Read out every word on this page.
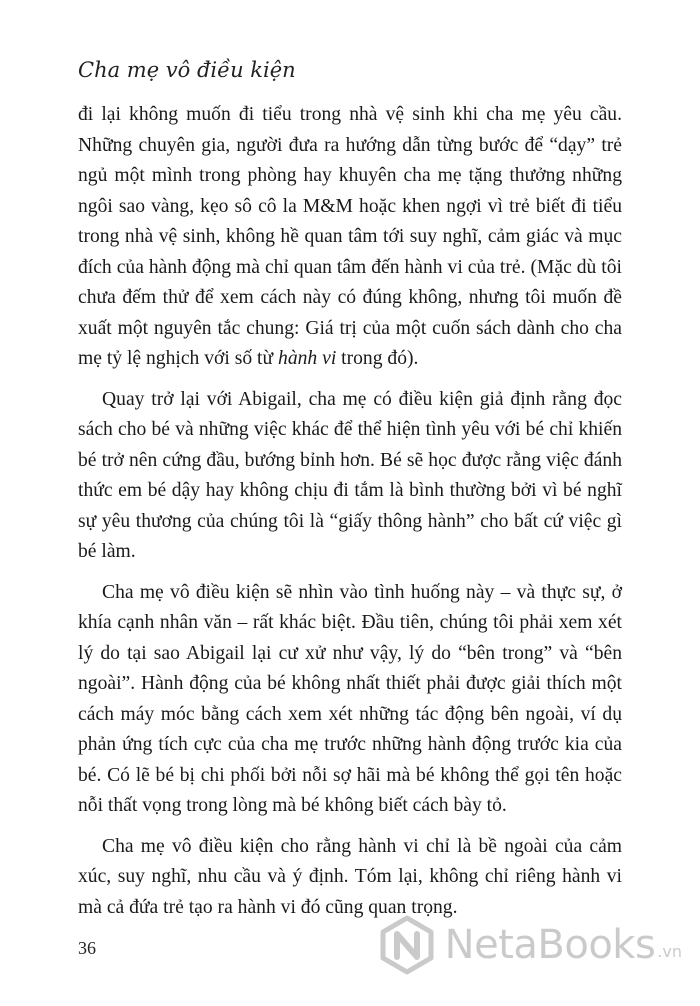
Cha mẹ vô điều kiện

đi lại không muốn đi tiểu trong nhà vệ sinh khi cha mẹ yêu cầu. Những chuyên gia, người đưa ra hướng dẫn từng bước để “dạy” trẻ ngủ một mình trong phòng hay khuyên cha mẹ tặng thưởng những ngôi sao vàng, kẹo sô cô la M&M hoặc khen ngợi vì trẻ biết đi tiểu trong nhà vệ sinh, không hề quan tâm tới suy nghĩ, cảm giác và mục đích của hành động mà chỉ quan tâm đến hành vi của trẻ. (Mặc dù tôi chưa đếm thử để xem cách này có đúng không, nhưng tôi muốn đề xuất một nguyên tắc chung: Giá trị của một cuốn sách dành cho cha mẹ tỷ lệ nghịch với số từ hành vi trong đó).

Quay trở lại với Abigail, cha mẹ có điều kiện giả định rằng đọc sách cho bé và những việc khác để thể hiện tình yêu với bé chỉ khiến bé trở nên cứng đầu, bướng bỉnh hơn. Bé sẽ học được rằng việc đánh thức em bé dậy hay không chịu đi tắm là bình thường bởi vì bé nghĩ sự yêu thương của chúng tôi là “giấy thông hành” cho bất cứ việc gì bé làm.

Cha mẹ vô điều kiện sẽ nhìn vào tình huống này – và thực sự, ở khía cạnh nhân văn – rất khác biệt. Đầu tiên, chúng tôi phải xem xét lý do tại sao Abigail lại cư xử như vậy, lý do “bên trong” và “bên ngoài”. Hành động của bé không nhất thiết phải được giải thích một cách máy móc bằng cách xem xét những tác động bên ngoài, ví dụ phản ứng tích cực của cha mẹ trước những hành động trước kia của bé. Có lẽ bé bị chi phối bởi nỗi sợ hãi mà bé không thể gọi tên hoặc nỗi thất vọng trong lòng mà bé không biết cách bày tỏ.

Cha mẹ vô điều kiện cho rằng hành vi chỉ là bề ngoài của cảm xúc, suy nghĩ, nhu cầu và ý định. Tóm lại, không chỉ riêng hành vi mà cả đứa trẻ tạo ra hành vi đó cũng quan trọng.

36	NetaBooks .vn
